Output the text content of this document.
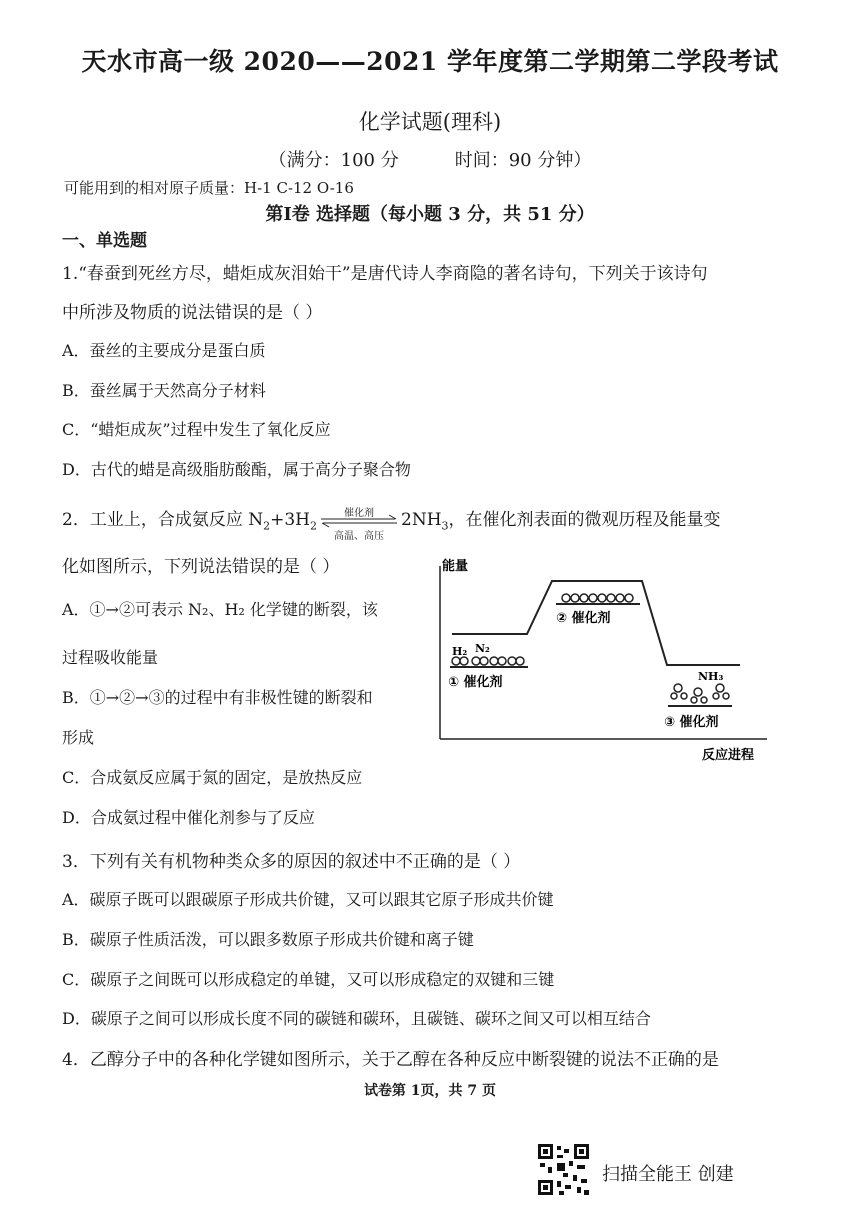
天水市高一级 2020——2021 学年度第二学期第二学段考试
化学试题(理科)
（满分：100 分	时间：90 分钟）
可能用到的相对原子质量：H-1 C-12 O-16
第I卷 选择题（每小题 3 分，共 51 分）
一、单选题
1.“春蚕到死丝方尽，蜡炬成灰泪始干”是唐代诗人李商隐的著名诗句，下列关于该诗句
中所涉及物质的说法错误的是（ ）
A．蚕丝的主要成分是蛋白质
B．蚕丝属于天然高分子材料
C．“蜡炬成灰”过程中发生了氧化反应
D．古代的蜡是高级脂肪酸酯，属于高分子聚合物
2．工业上，合成氨反应 $N_2+3H_2$
催化剂
高温、高压
$2NH_3$，在催化剂表面的微观历程及能量变
化如图所示，下列说法错误的是（ ）
A．①→②可表示 N₂、H₂ 化学键的断裂，该
过程吸收能量
B．①→②→③的过程中有非极性键的断裂和
形成
C．合成氨反应属于氮的固定，是放热反应
D．合成氨过程中催化剂参与了反应
能量
反应进程
H₂ N₂
① 催化剂
② 催化剂
NH₃
③ 催化剂
3．下列有关有机物种类众多的原因的叙述中不正确的是（ ）
A．碳原子既可以跟碳原子形成共价键，又可以跟其它原子形成共价键
B．碳原子性质活泼，可以跟多数原子形成共价键和离子键
C．碳原子之间既可以形成稳定的单键，又可以形成稳定的双键和三键
D．碳原子之间可以形成长度不同的碳链和碳环，且碳链、碳环之间又可以相互结合
4．乙醇分子中的各种化学键如图所示，关于乙醇在各种反应中断裂键的说法不正确的是
试卷第 1页，共 7 页
扫描全能王 创建
